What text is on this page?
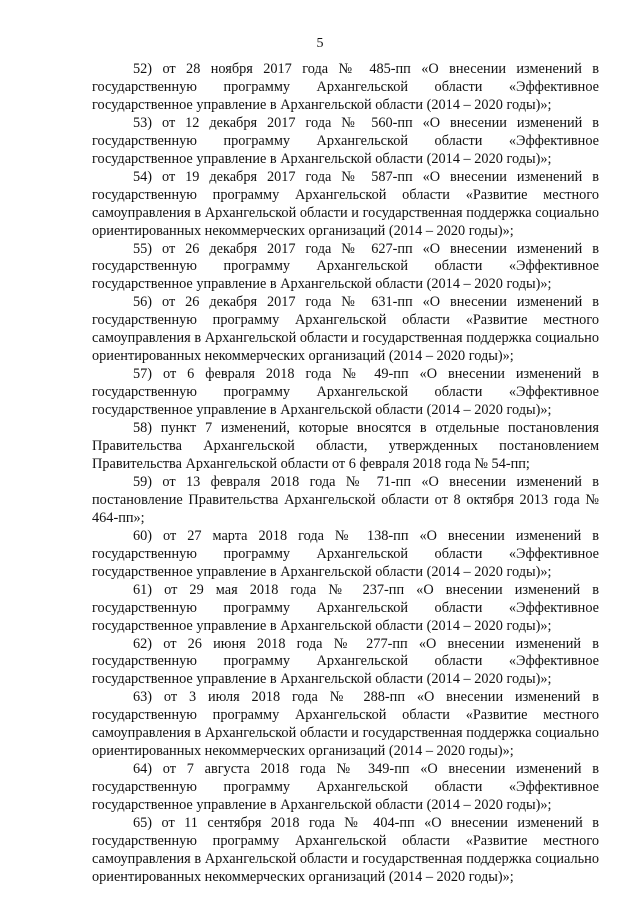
5

52) от 28 ноября 2017 года № 485-пп «О внесении изменений в государственную программу Архангельской области «Эффективное государственное управление в Архангельской области (2014 – 2020 годы)»;

53) от 12 декабря 2017 года № 560-пп «О внесении изменений в государственную программу Архангельской области «Эффективное государственное управление в Архангельской области (2014 – 2020 годы)»;

54) от 19 декабря 2017 года № 587-пп «О внесении изменений в государственную программу Архангельской области «Развитие местного самоуправления в Архангельской области и государственная поддержка социально ориентированных некоммерческих организаций (2014 – 2020 годы)»;

55) от 26 декабря 2017 года № 627-пп «О внесении изменений в государственную программу Архангельской области «Эффективное государственное управление в Архангельской области (2014 – 2020 годы)»;

56) от 26 декабря 2017 года № 631-пп «О внесении изменений в государственную программу Архангельской области «Развитие местного самоуправления в Архангельской области и государственная поддержка социально ориентированных некоммерческих организаций (2014 – 2020 годы)»;

57) от 6 февраля 2018 года № 49-пп «О внесении изменений в государственную программу Архангельской области «Эффективное государственное управление в Архангельской области (2014 – 2020 годы)»;

58) пункт 7 изменений, которые вносятся в отдельные постановления Правительства Архангельской области, утвержденных постановлением Правительства Архангельской области от 6 февраля 2018 года № 54-пп;

59) от 13 февраля 2018 года № 71-пп «О внесении изменений в постановление Правительства Архангельской области от 8 октября 2013 года № 464-пп»;

60) от 27 марта 2018 года № 138-пп «О внесении изменений в государственную программу Архангельской области «Эффективное государственное управление в Архангельской области (2014 – 2020 годы)»;

61) от 29 мая 2018 года № 237-пп «О внесении изменений в государственную программу Архангельской области «Эффективное государственное управление в Архангельской области (2014 – 2020 годы)»;

62) от 26 июня 2018 года № 277-пп «О внесении изменений в государственную программу Архангельской области «Эффективное государственное управление в Архангельской области (2014 – 2020 годы)»;

63) от 3 июля 2018 года № 288-пп «О внесении изменений в государственную программу Архангельской области «Развитие местного самоуправления в Архангельской области и государственная поддержка социально ориентированных некоммерческих организаций (2014 – 2020 годы)»;

64) от 7 августа 2018 года № 349-пп «О внесении изменений в государственную программу Архангельской области «Эффективное государственное управление в Архангельской области (2014 – 2020 годы)»;

65) от 11 сентября 2018 года № 404-пп «О внесении изменений в государственную программу Архангельской области «Развитие местного самоуправления в Архангельской области и государственная поддержка социально ориентированных некоммерческих организаций (2014 – 2020 годы)»;
